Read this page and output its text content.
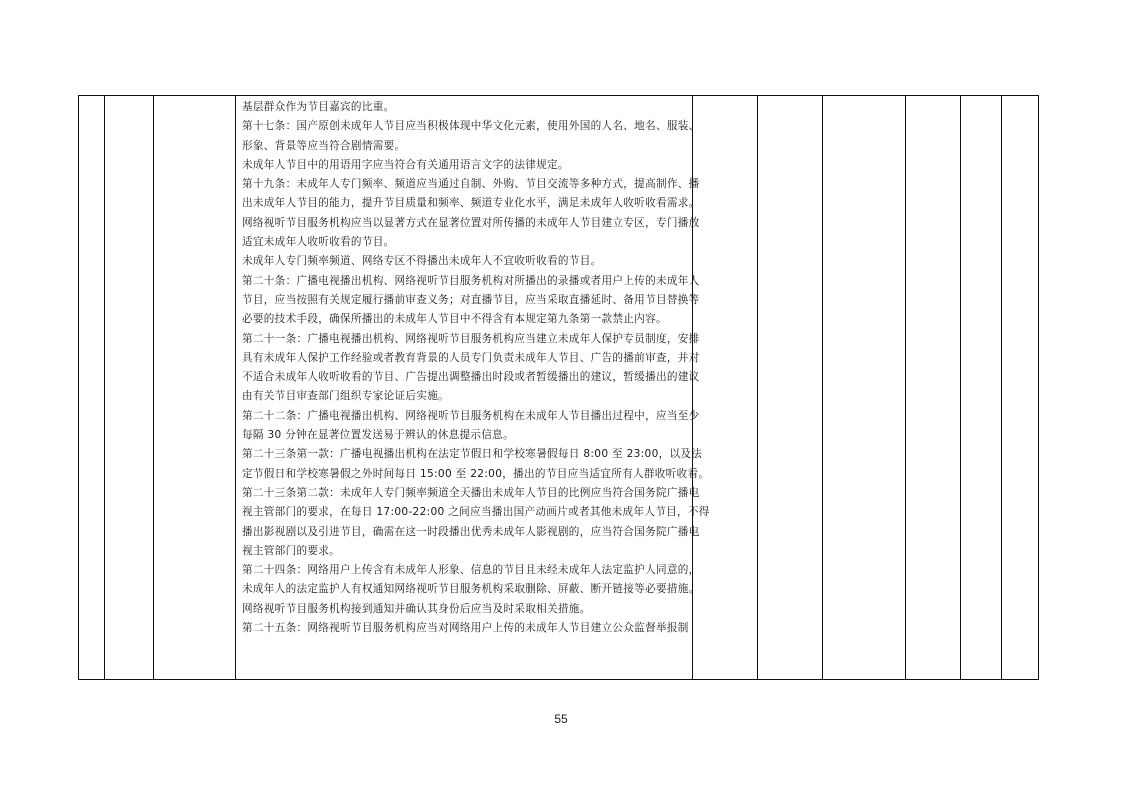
基层群众作为节目嘉宾的比重。

第十七条：国产原创未成年人节目应当积极体现中华文化元素，使用外国的人名、地名、服装、

形象、背景等应当符合剧情需要。

未成年人节目中的用语用字应当符合有关通用语言文字的法律规定。

第十九条：未成年人专门频率、频道应当通过自制、外购、节目交流等多种方式，提高制作、播

出未成年人节目的能力，提升节目质量和频率、频道专业化水平，满足未成年人收听收看需求。

网络视听节目服务机构应当以显著方式在显著位置对所传播的未成年人节目建立专区，专门播放

适宜未成年人收听收看的节目。

未成年人专门频率频道、网络专区不得播出未成年人不宜收听收看的节目。

第二十条：广播电视播出机构、网络视听节目服务机构对所播出的录播或者用户上传的未成年人

节目，应当按照有关规定履行播前审查义务；对直播节目，应当采取直播延时、备用节目替换等

必要的技术手段，确保所播出的未成年人节目中不得含有本规定第九条第一款禁止内容。

第二十一条：广播电视播出机构、网络视听节目服务机构应当建立未成年人保护专员制度，安排

具有未成年人保护工作经验或者教育背景的人员专门负责未成年人节目、广告的播前审查，并对

不适合未成年人收听收看的节目、广告提出调整播出时段或者暂缓播出的建议，暂缓播出的建议

由有关节目审查部门组织专家论证后实施。

第二十二条：广播电视播出机构、网络视听节目服务机构在未成年人节目播出过程中，应当至少

每隔 30 分钟在显著位置发送易于辨认的休息提示信息。

第二十三条第一款：广播电视播出机构在法定节假日和学校寒暑假每日 8:00 至 23:00，以及法

定节假日和学校寒暑假之外时间每日 15:00 至 22:00，播出的节目应当适宜所有人群收听收看。

第二十三条第二款：未成年人专门频率频道全天播出未成年人节目的比例应当符合国务院广播电

视主管部门的要求，在每日 17:00-22:00 之间应当播出国产动画片或者其他未成年人节目，不得

播出影视剧以及引进节目，确需在这一时段播出优秀未成年人影视剧的，应当符合国务院广播电

视主管部门的要求。

第二十四条：网络用户上传含有未成年人形象、信息的节目且未经未成年人法定监护人同意的，

未成年人的法定监护人有权通知网络视听节目服务机构采取删除、屏蔽、断开链接等必要措施。

网络视听节目服务机构接到通知并确认其身份后应当及时采取相关措施。

第二十五条：网络视听节目服务机构应当对网络用户上传的未成年人节目建立公众监督举报制

55
